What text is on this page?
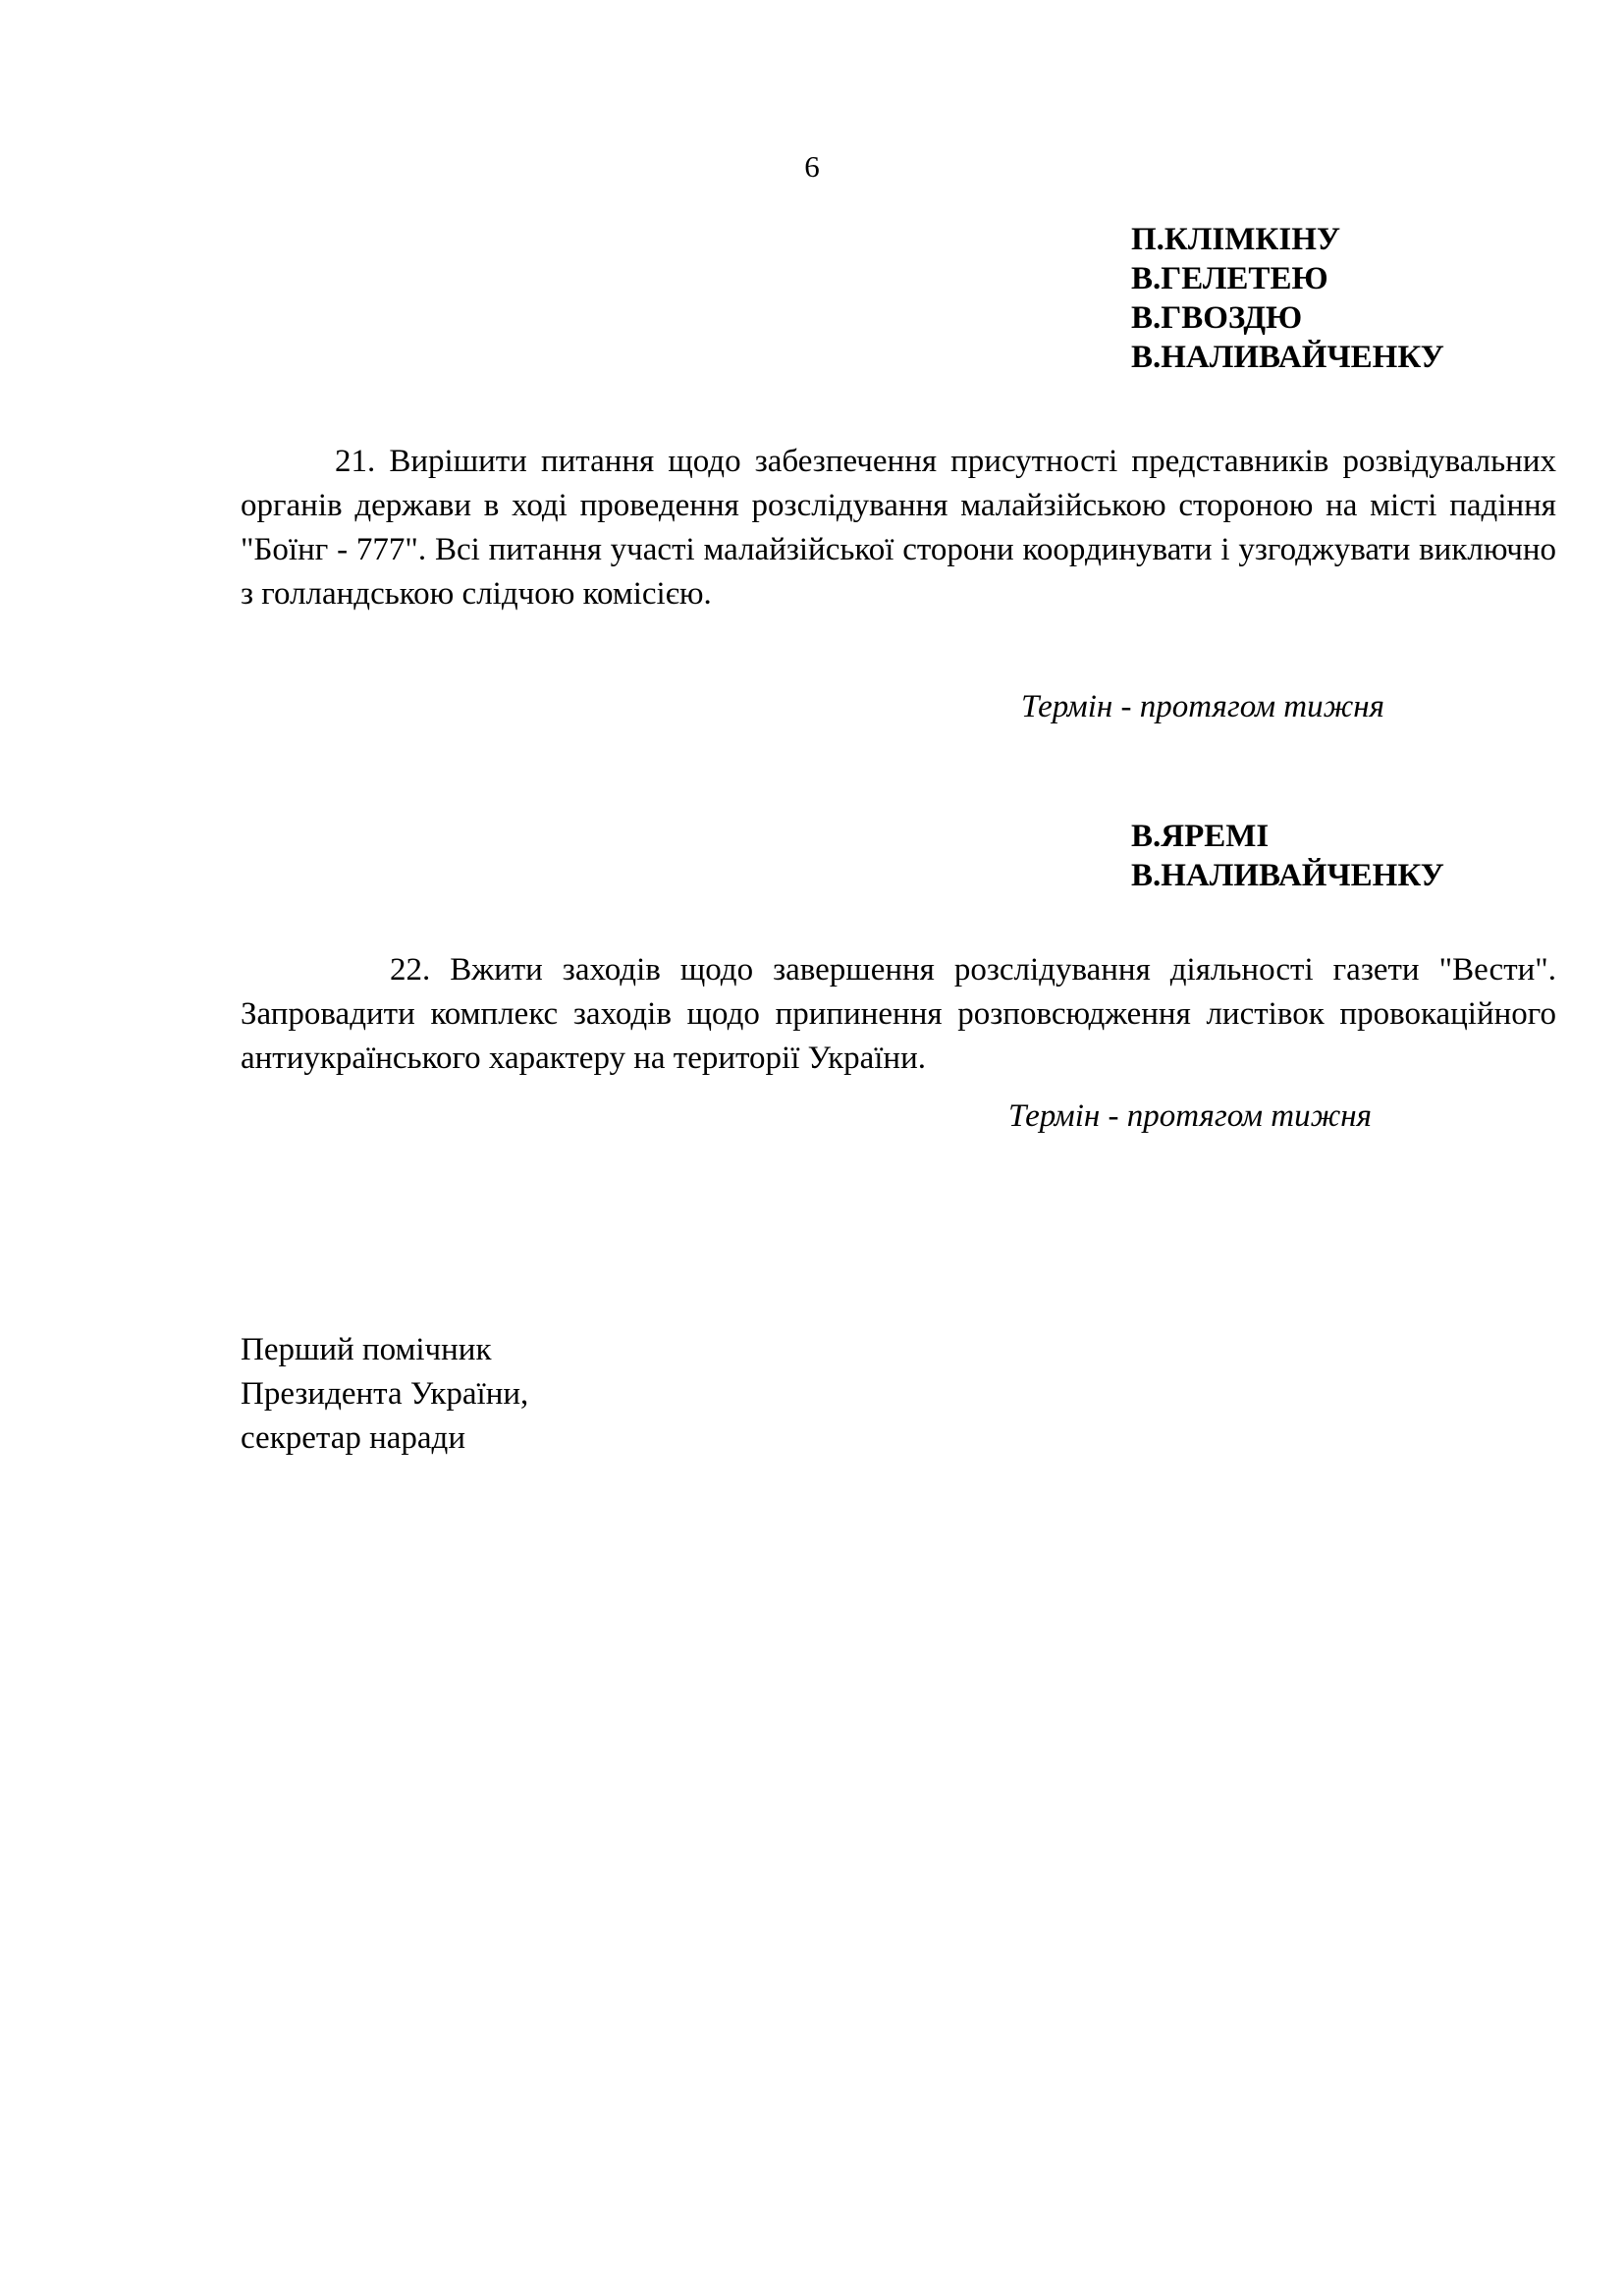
6
П.КЛІМКІНУ
В.ГЕЛЕТЕЮ
В.ГВОЗДЮ
В.НАЛИВАЙЧЕНКУ
21. Вирішити питання щодо забезпечення присутності представників розвідувальних органів держави в ході проведення розслідування малайзійською стороною на місті падіння "Боїнг - 777". Всі питання участі малайзійської сторони координувати і узгоджувати виключно з голландською слідчою комісією.
Термін - протягом тижня
В.ЯРЕМІ
В.НАЛИВАЙЧЕНКУ
22. Вжити заходів щодо завершення розслідування діяльності газети "Вести". Запровадити комплекс заходів щодо припинення розповсюдження листівок провокаційного антиукраїнського характеру на території України.
Термін - протягом тижня
Перший помічник
Президента України,
секретар наради
